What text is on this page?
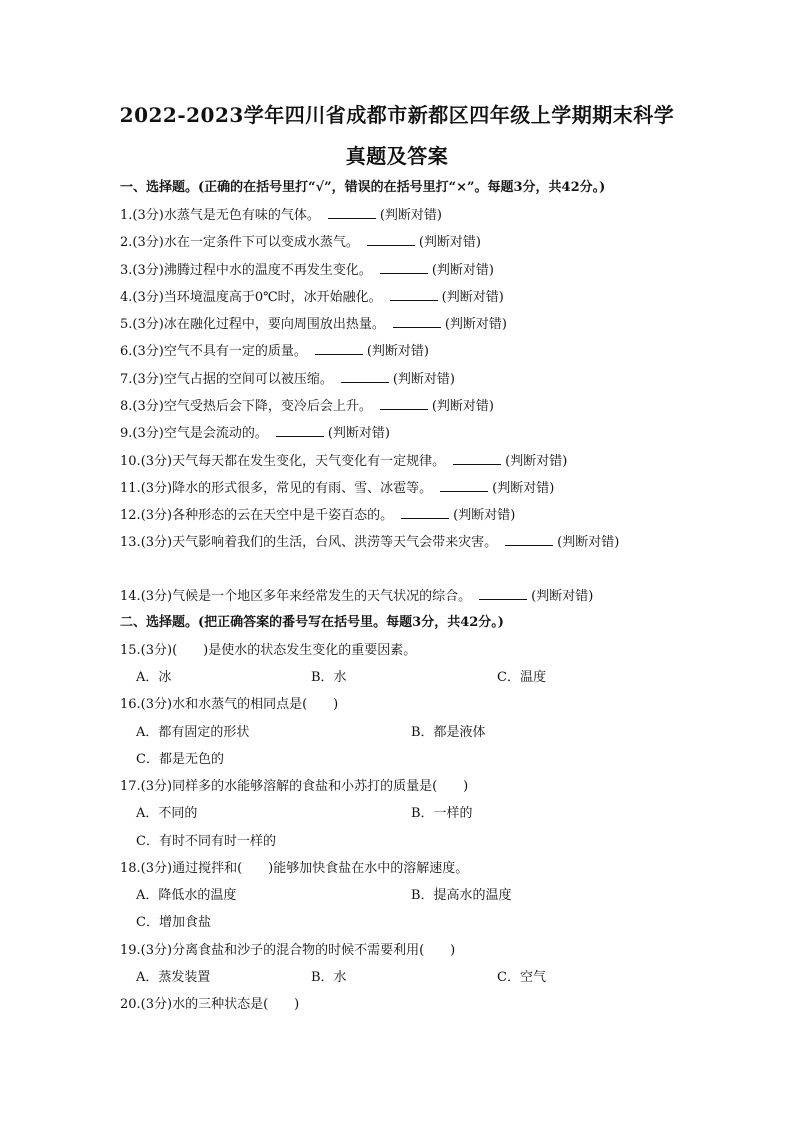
2022-2023学年四川省成都市新都区四年级上学期期末科学
真题及答案
一、选择题。(正确的在括号里打“√”，错误的在括号里打“×”。每题3分，共42分。)
1.(3分)水蒸气是无色有味的气体。	(判断对错)
2.(3分)水在一定条件下可以变成水蒸气。	(判断对错)
3.(3分)沸腾过程中水的温度不再发生变化。	(判断对错)
4.(3分)当环境温度高于0℃时，冰开始融化。	(判断对错)
5.(3分)冰在融化过程中，要向周围放出热量。	(判断对错)
6.(3分)空气不具有一定的质量。	(判断对错)
7.(3分)空气占据的空间可以被压缩。	(判断对错)
8.(3分)空气受热后会下降，变冷后会上升。	(判断对错)
9.(3分)空气是会流动的。	(判断对错)
10.(3分)天气每天都在发生变化，天气变化有一定规律。	(判断对错)
11.(3分)降水的形式很多，常见的有雨、雪、冰雹等。	(判断对错)
12.(3分)各种形态的云在天空中是千姿百态的。	(判断对错)
13.(3分)天气影响着我们的生活，台风、洪涝等天气会带来灾害。	(判断对错)
14.(3分)气候是一个地区多年来经常发生的天气状况的综合。	(判断对错)
二、选择题。(把正确答案的番号写在括号里。每题3分，共42分。)
15.(3分)(　　)是使水的状态发生变化的重要因素。
A．冰	B．水	C．温度
16.(3分)水和水蒸气的相同点是(　　)
A．都有固定的形状	B．都是液体
C．都是无色的
17.(3分)同样多的水能够溶解的食盐和小苏打的质量是(　　)
A．不同的	B．一样的
C．有时不同有时一样的
18.(3分)通过搅拌和(　　)能够加快食盐在水中的溶解速度。
A．降低水的温度	B．提高水的温度
C．增加食盐
19.(3分)分离食盐和沙子的混合物的时候不需要利用(　　)
A．蒸发装置	B．水	C．空气
20.(3分)水的三种状态是(　　)
